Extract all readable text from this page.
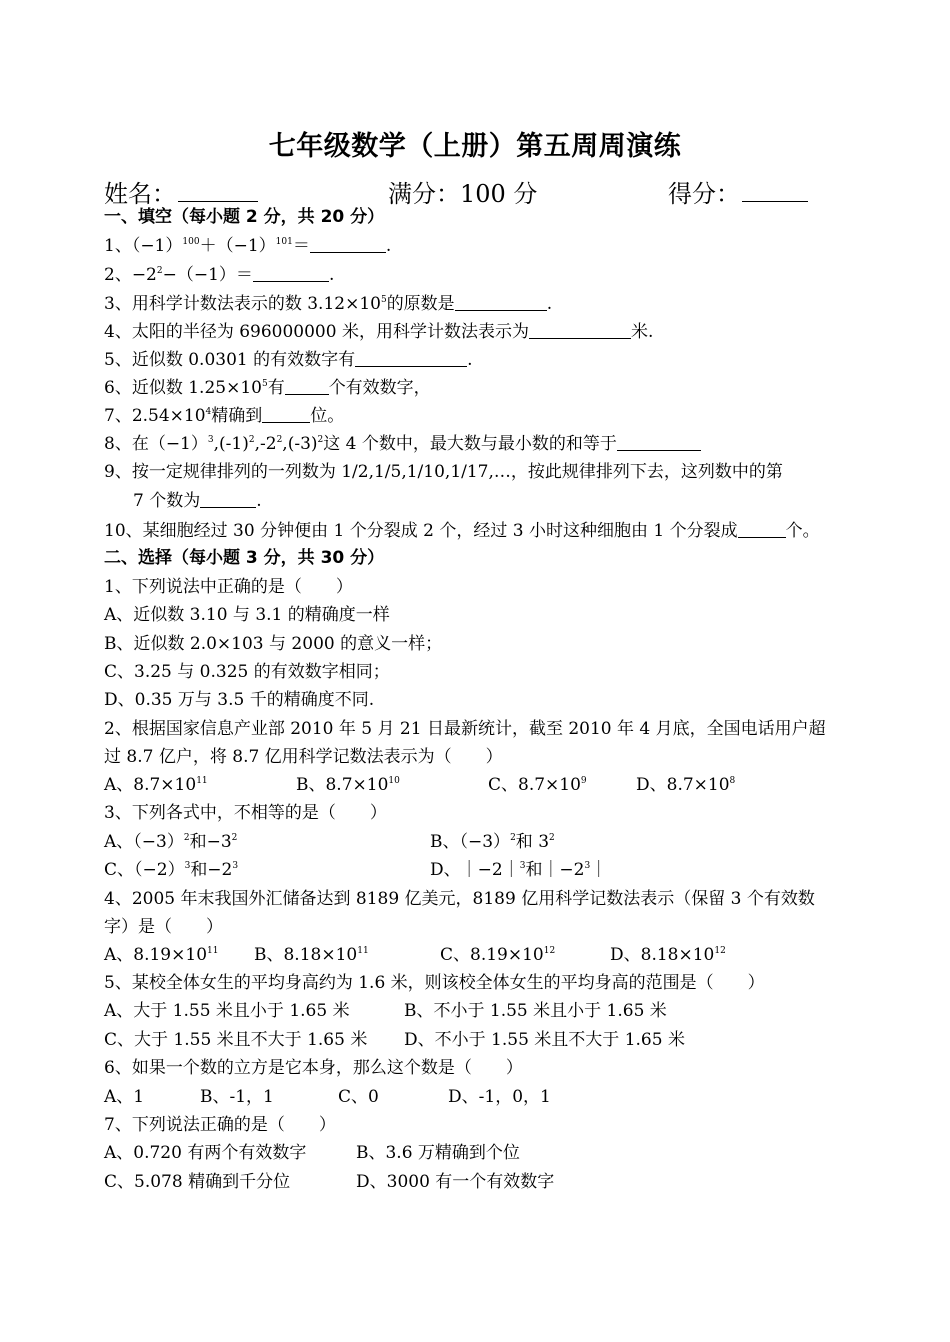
七年级数学（上册）第五周周演练
姓名：	满分：100 分	得分：
一、填空（每小题 2 分，共 20 分）
1、$(-1)^{100}+(-1)^{101}=$	.
2、$-2^2-(-1)=$	.
3、用科学计数法表示的数 $3.12\times 10^5$的原数是	.
4、太阳的半径为 696000000 米，用科学计数法表示为	米.
5、近似数 0.0301 的有效数字有	.
6、近似数 $1.25\times 10^5$有	个有效数字，
7、$2.54\times 10^4$精确到	位。
8、在$(-1)^3,(-1)^2,-2^2,(-3)^2$这 4 个数中，最大数与最小数的和等于
9、按一定规律排列的一列数为 1/2,1/5,1/10,1/17,…，按此规律排列下去，这列数中的第
7 个数为	.
10、某细胞经过 30 分钟便由 1 个分裂成 2 个，经过 3 小时这种细胞由 1 个分裂成	个。
二、选择（每小题 3 分，共 30 分）
1、下列说法中正确的是（　　）
A、近似数 3.10 与 3.1 的精确度一样
B、近似数 2.0×103 与 2000 的意义一样；
C、3.25 与 0.325 的有效数字相同；
D、0.35 万与 3.5 千的精确度不同.
2、根据国家信息产业部 2010 年 5 月 21 日最新统计，截至 2010 年 4 月底，全国电话用户超
过 8.7 亿户，将 8.7 亿用科学记数法表示为（　　）
A、$8.7\times 10^{11}$	B、$8.7\times 10^{10}$	C、$8.7\times 10^9$	D、$8.7\times 10^8$
3、下列各式中，不相等的是（　　）
A、$(-3)^2$和$-3^2$	B、$(-3)^2$和 $3^2$
C、$(-2)^3$和$-2^3$	D、｜−2｜$^3$和$|-2^3|$
4、2005 年末我国外汇储备达到 8189 亿美元，8189 亿用科学记数法表示（保留 3 个有效数
字）是（　　）
A、$8.19\times 10^{11}$ B、$8.18\times 10^{11}$	C、$8.19\times 10^{12}$	D、$8.18\times 10^{12}$
5、某校全体女生的平均身高约为 1.6 米，则该校全体女生的平均身高的范围是（　　）
A、大于 1.55 米且小于 1.65 米	B、不小于 1.55 米且小于 1.65 米
C、大于 1.55 米且不大于 1.65 米 D、不小于 1.55 米且不大于 1.65 米
6、如果一个数的立方是它本身，那么这个数是（　　）
A、1	B、-1，1	C、0	D、-1，0，1
7、下列说法正确的是（　　）
A、0.720 有两个有效数字	B、3.6 万精确到个位
C、5.078 精确到千分位	D、3000 有一个有效数字
